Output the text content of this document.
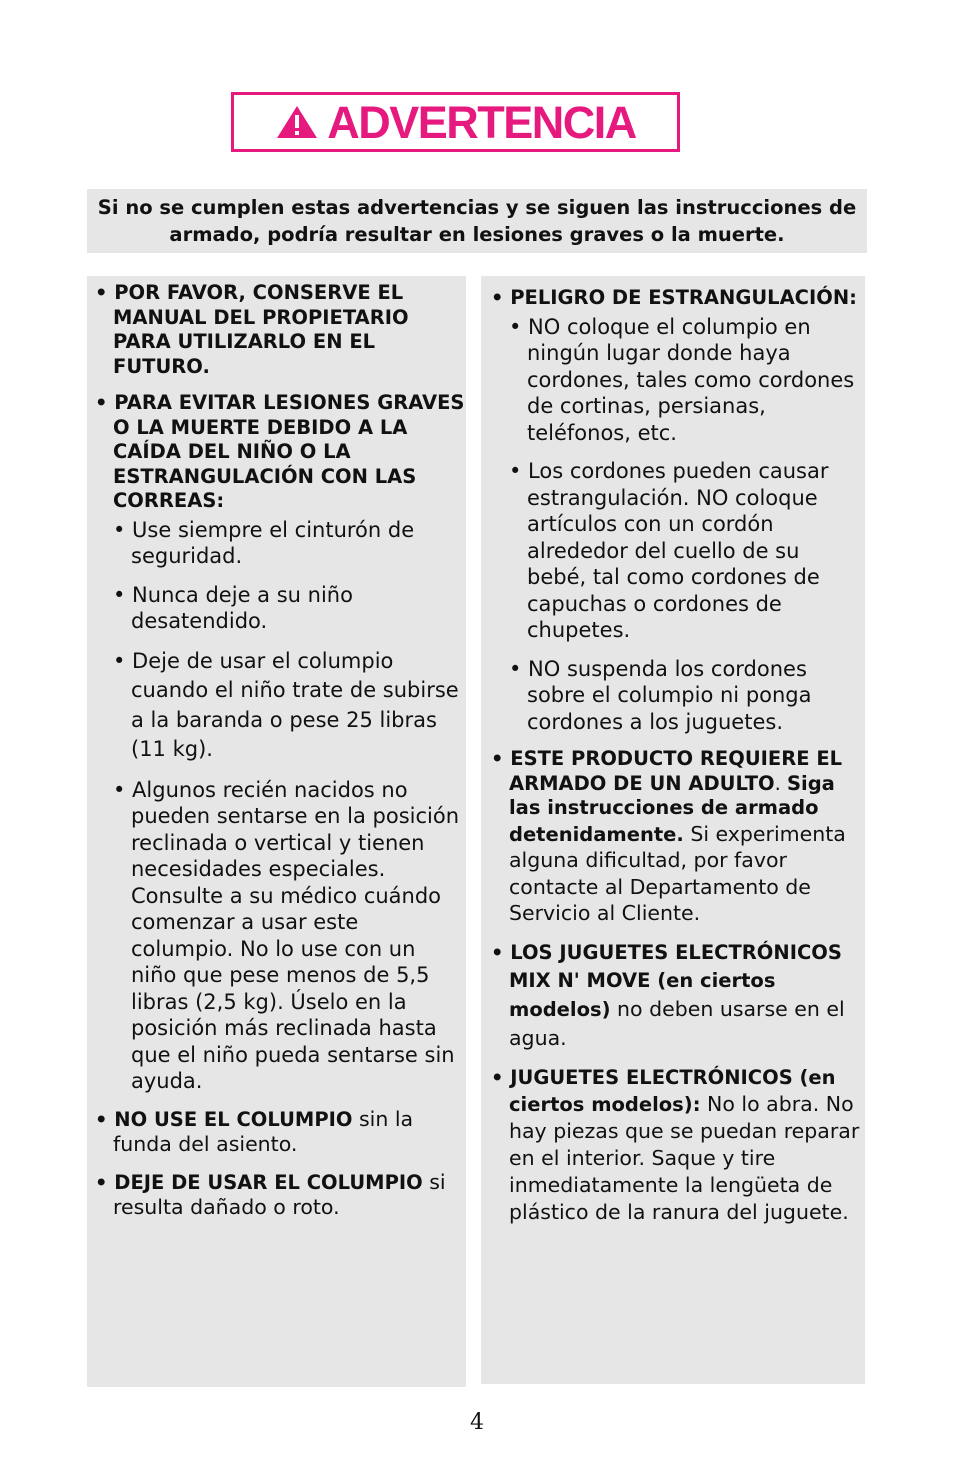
ADVERTENCIA
Si no se cumplen estas advertencias y se siguen las instrucciones de armado, podría resultar en lesiones graves o la muerte.
• POR FAVOR, CONSERVE EL MANUAL DEL PROPIETARIO PARA UTILIZARLO EN EL FUTURO.
• PARA EVITAR LESIONES GRAVES O LA MUERTE DEBIDO A LA CAÍDA DEL NIÑO O LA ESTRANGULACIÓN CON LAS CORREAS:
• Use siempre el cinturón de seguridad.
• Nunca deje a su niño desatendido.
• Deje de usar el columpio cuando el niño trate de subirse a la baranda o pese 25 libras (11 kg).
• Algunos recién nacidos no pueden sentarse en la posición reclinada o vertical y tienen necesidades especiales. Consulte a su médico cuándo comenzar a usar este columpio. No lo use con un niño que pese menos de 5,5 libras (2,5 kg). Úselo en la posición más reclinada hasta que el niño pueda sentarse sin ayuda.
• NO USE EL COLUMPIO sin la funda del asiento.
• DEJE DE USAR EL COLUMPIO si resulta dañado o roto.
• PELIGRO DE ESTRANGULACIÓN:
• NO coloque el columpio en ningún lugar donde haya cordones, tales como cordones de cortinas, persianas, teléfonos, etc.
• Los cordones pueden causar estrangulación. NO coloque artículos con un cordón alrededor del cuello de su bebé, tal como cordones de capuchas o cordones de chupetes.
• NO suspenda los cordones sobre el columpio ni ponga cordones a los juguetes.
• ESTE PRODUCTO REQUIERE EL ARMADO DE UN ADULTO. Siga las instrucciones de armado detenidamente. Si experimenta alguna dificultad, por favor contacte al Departamento de Servicio al Cliente.
• LOS JUGUETES ELECTRÓNICOS MIX N' MOVE (en ciertos modelos) no deben usarse en el agua.
• JUGUETES ELECTRÓNICOS (en ciertos modelos): No lo abra. No hay piezas que se puedan reparar en el interior. Saque y tire inmediatamente la lengüeta de plástico de la ranura del juguete.
4
